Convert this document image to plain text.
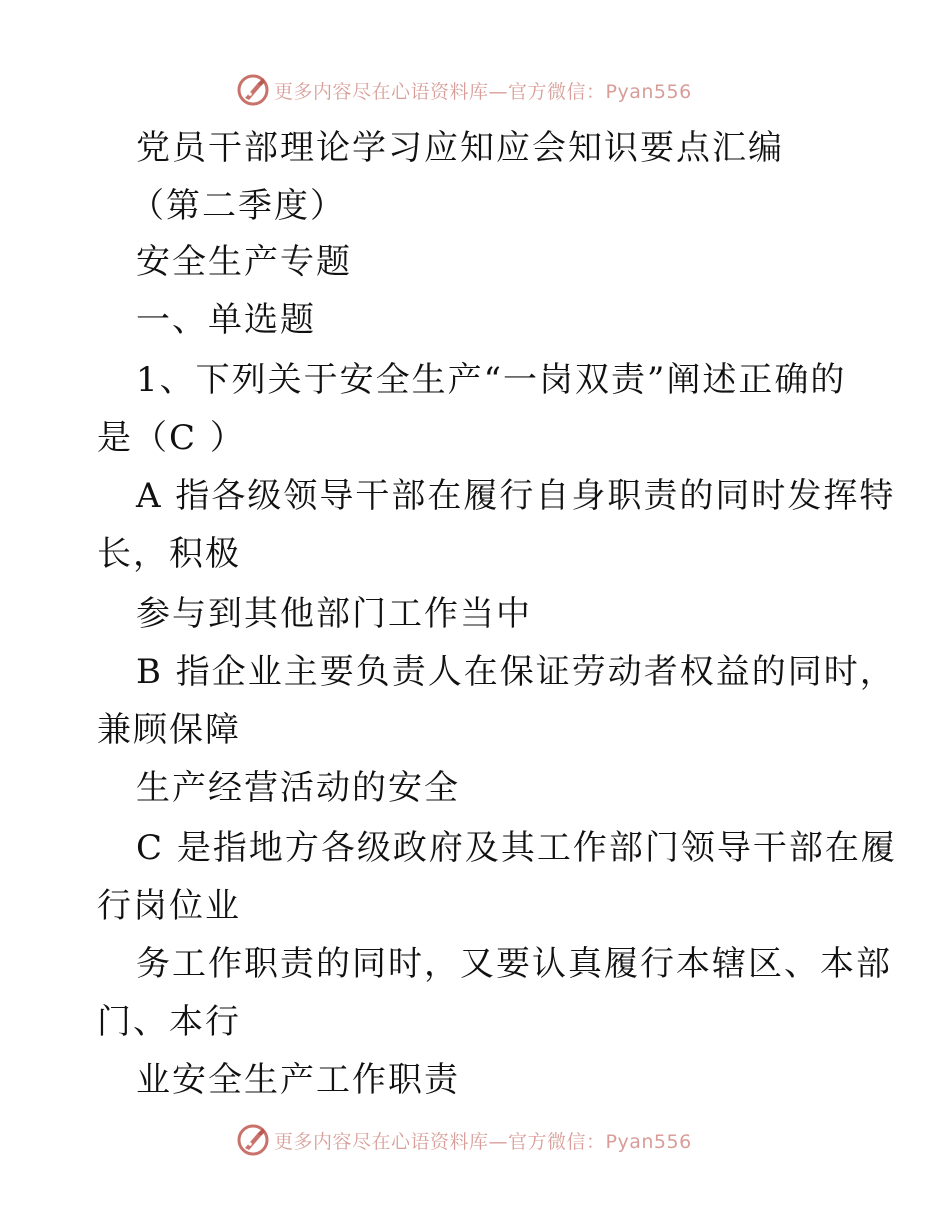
更多内容尽在心语资料库—官方微信：Pyan556
党员干部理论学习应知应会知识要点汇编
（第二季度）
安全生产专题
一、单选题
1、下列关于安全生产“一岗双责”阐述正确的
是（C ）
A 指各级领导干部在履行自身职责的同时发挥特
长，积极
参与到其他部门工作当中
B 指企业主要负责人在保证劳动者权益的同时，
兼顾保障
生产经营活动的安全
C 是指地方各级政府及其工作部门领导干部在履
行岗位业
务工作职责的同时，又要认真履行本辖区、本部
门、本行
业安全生产工作职责
更多内容尽在心语资料库—官方微信：Pyan556
